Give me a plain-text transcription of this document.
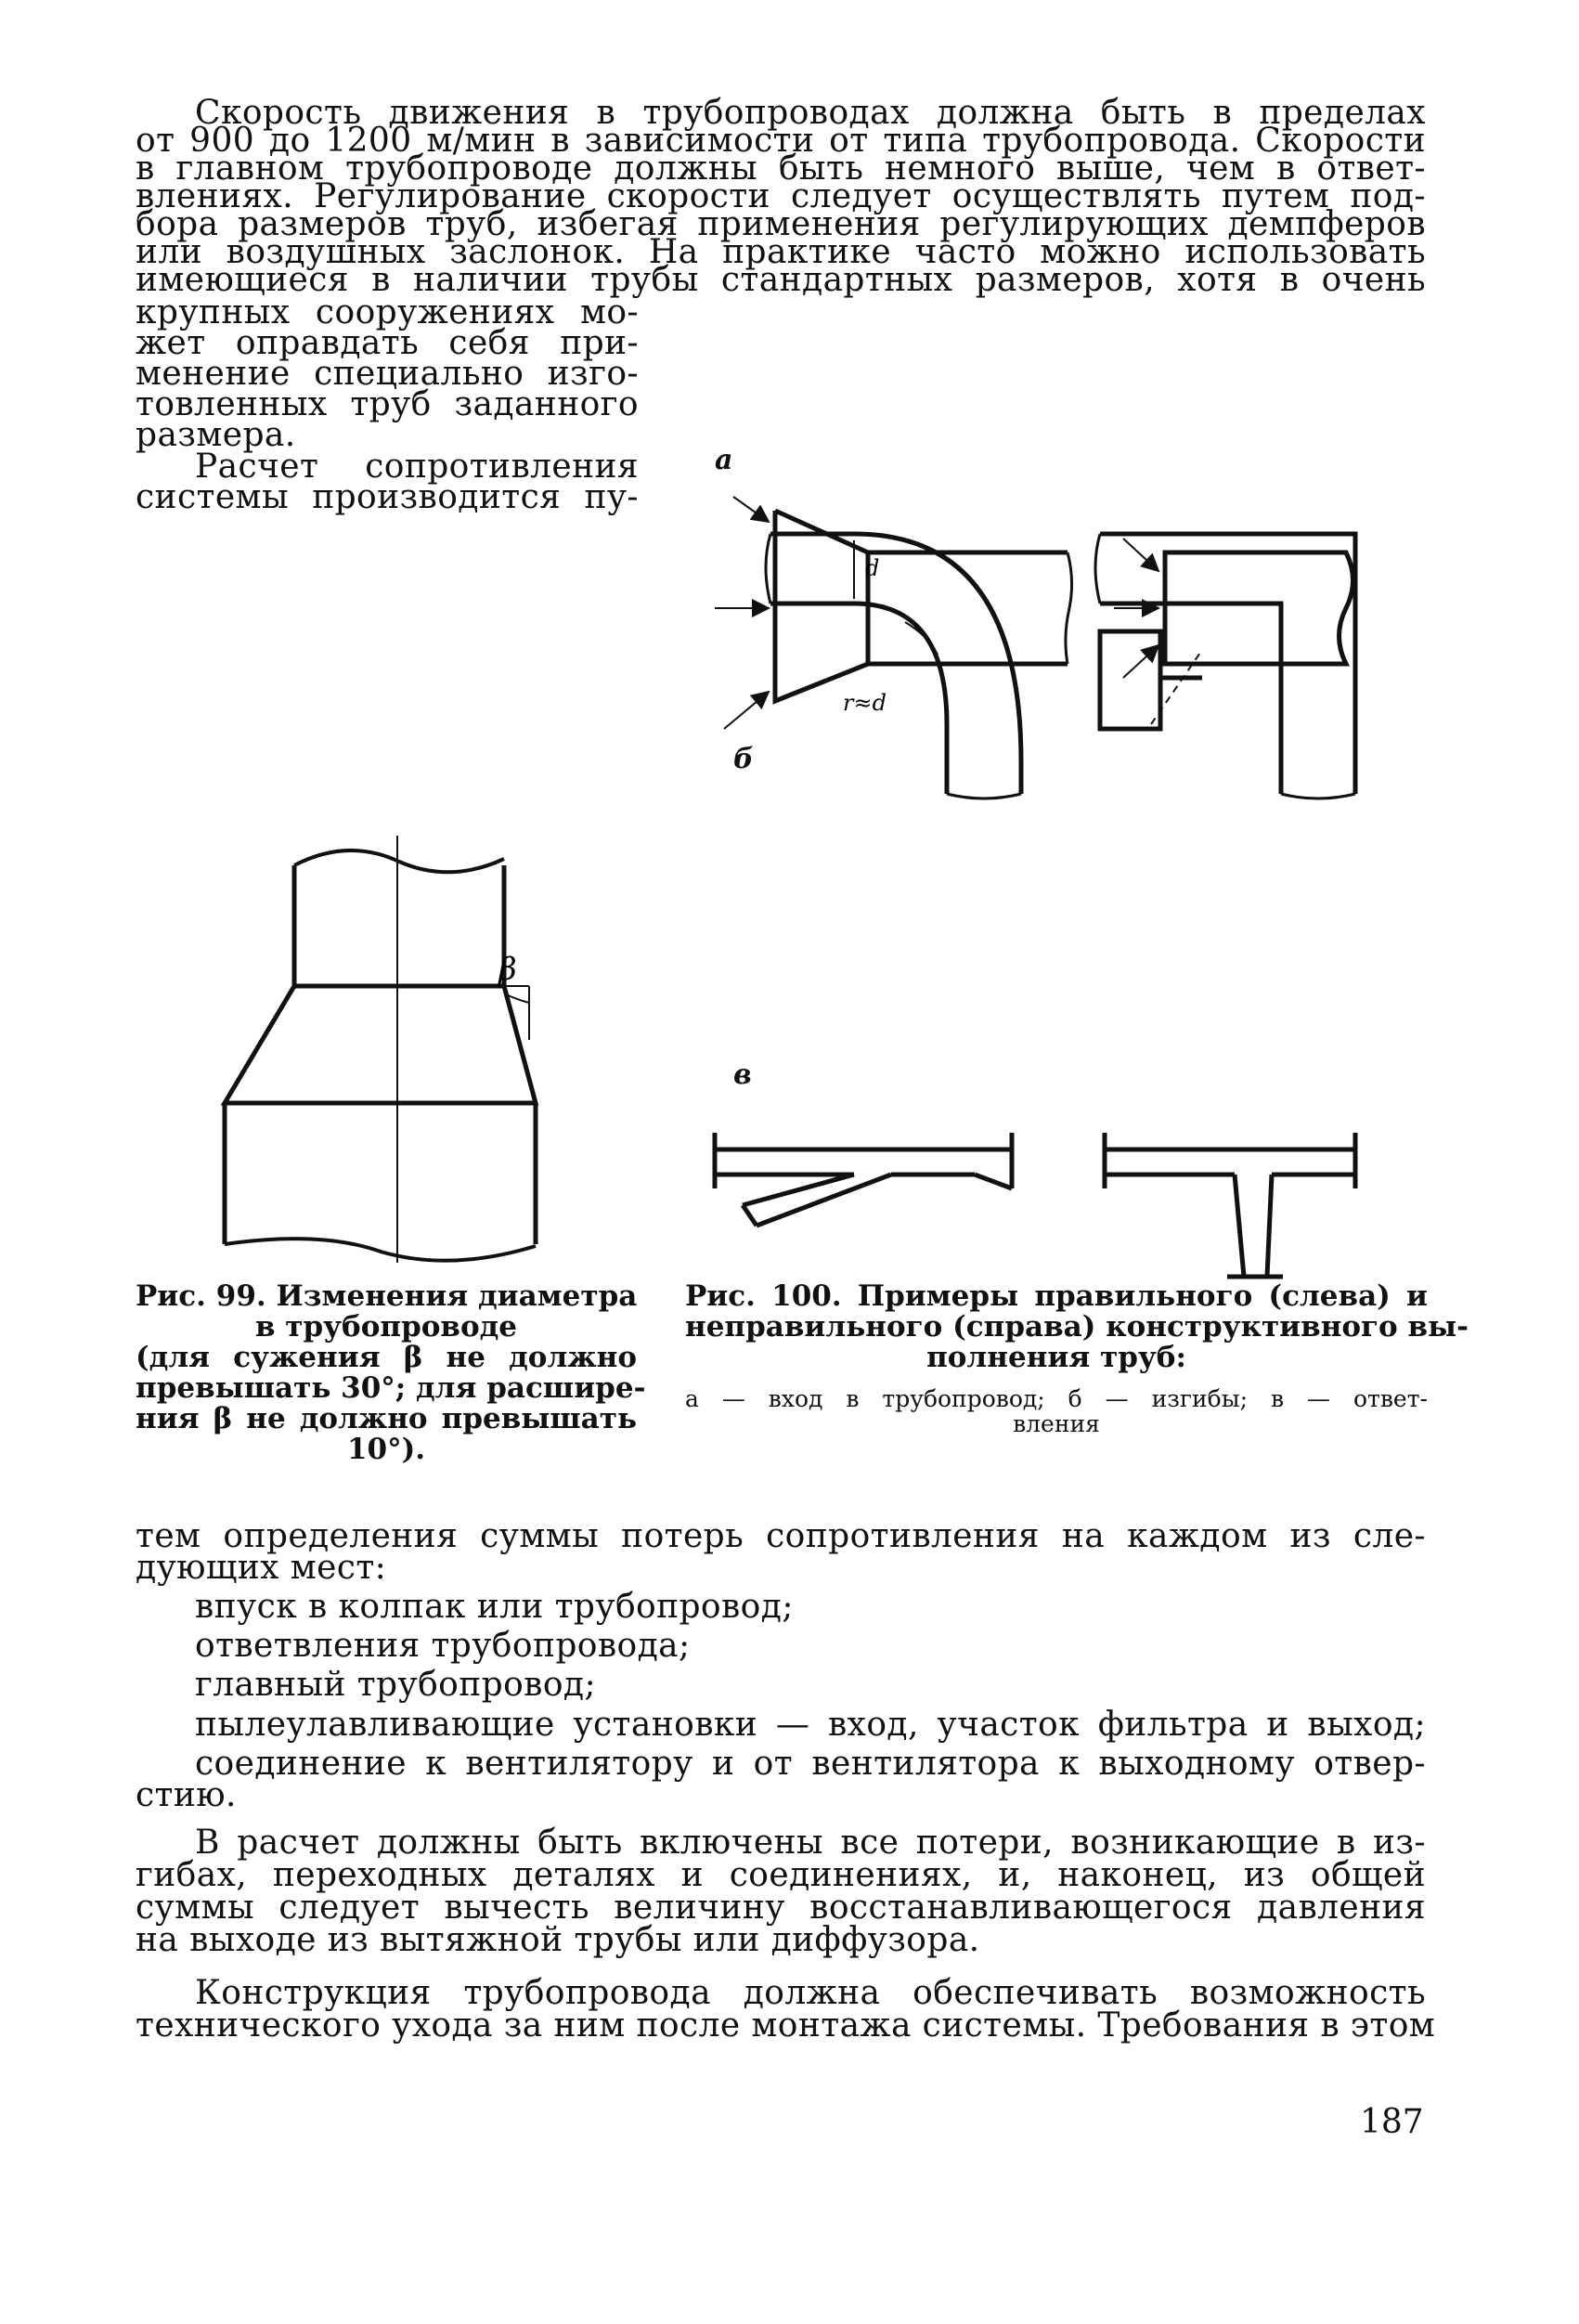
Скорость движения в трубопроводах должна быть в пределах
от 900 до 1200 м/мин в зависимости от типа трубопровода. Скорости
в главном трубопроводе должны быть немного выше, чем в ответ-
влениях. Регулирование скорости следует осуществлять путем под-
бора размеров труб, избегая применения регулирующих демпферов
или воздушных заслонок. На практике часто можно использовать
имеющиеся в наличии трубы стандартных размеров, хотя в очень
крупных сооружениях мо-
жет оправдать себя при-
менение специально изго-
товленных труб заданного
размера.
Расчет сопротивления
системы производится пу-
β
Рис. 99. Изменения диаметра
в трубопроводе
(для сужения β не должно
превышать 30°; для расшире-
ния β не должно превышать
10°).
а
б
в
d
r≈d
Рис. 100. Примеры правильного (слева) и
неправильного (справа) конструктивного вы-
полнения труб:
а — вход в трубопровод; б — изгибы; в — ответ-
вления
тем определения суммы потерь сопротивления на каждом из сле-
дующих мест:
впуск в колпак или трубопровод;
ответвления трубопровода;
главный трубопровод;
пылеулавливающие установки — вход, участок фильтра и выход;
соединение к вентилятору и от вентилятора к выходному отвер-
стию.
В расчет должны быть включены все потери, возникающие в из-
гибах, переходных деталях и соединениях, и, наконец, из общей
суммы следует вычесть величину восстанавливающегося давления
на выходе из вытяжной трубы или диффузора.
Конструкция трубопровода должна обеспечивать возможность
технического ухода за ним после монтажа системы. Требования в этом
187
